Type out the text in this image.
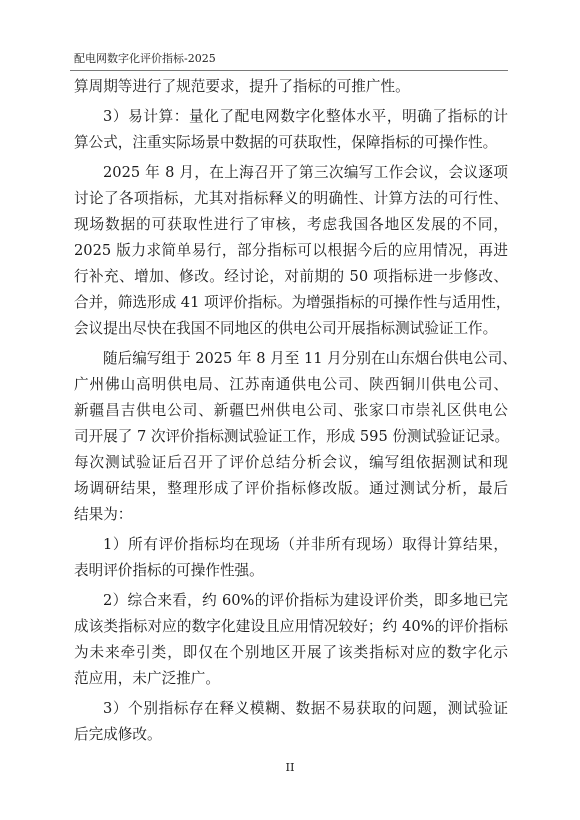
配电网数字化评价指标-2025
算周期等进行了规范要求，提升了指标的可推广性。
3）易计算：量化了配电网数字化整体水平，明确了指标的计
算公式，注重实际场景中数据的可获取性，保障指标的可操作性。
2025 年 8 月，在上海召开了第三次编写工作会议，会议逐项
讨论了各项指标，尤其对指标释义的明确性、计算方法的可行性、
现场数据的可获取性进行了审核，考虑我国各地区发展的不同，
2025 版力求简单易行，部分指标可以根据今后的应用情况，再进
行补充、增加、修改。经讨论，对前期的 50 项指标进一步修改、
合并，筛选形成 41 项评价指标。为增强指标的可操作性与适用性，
会议提出尽快在我国不同地区的供电公司开展指标测试验证工作。
随后编写组于 2025 年 8 月至 11 月分别在山东烟台供电公司、
广州佛山高明供电局、江苏南通供电公司、陕西铜川供电公司、
新疆昌吉供电公司、新疆巴州供电公司、张家口市崇礼区供电公
司开展了 7 次评价指标测试验证工作，形成 595 份测试验证记录。
每次测试验证后召开了评价总结分析会议，编写组依据测试和现
场调研结果，整理形成了评价指标修改版。通过测试分析，最后
结果为：
1）所有评价指标均在现场（并非所有现场）取得计算结果，
表明评价指标的可操作性强。
2）综合来看，约 60%的评价指标为建设评价类，即多地已完
成该类指标对应的数字化建设且应用情况较好；约 40%的评价指标
为未来牵引类，即仅在个别地区开展了该类指标对应的数字化示
范应用，未广泛推广。
3）个别指标存在释义模糊、数据不易获取的问题，测试验证
后完成修改。
II
